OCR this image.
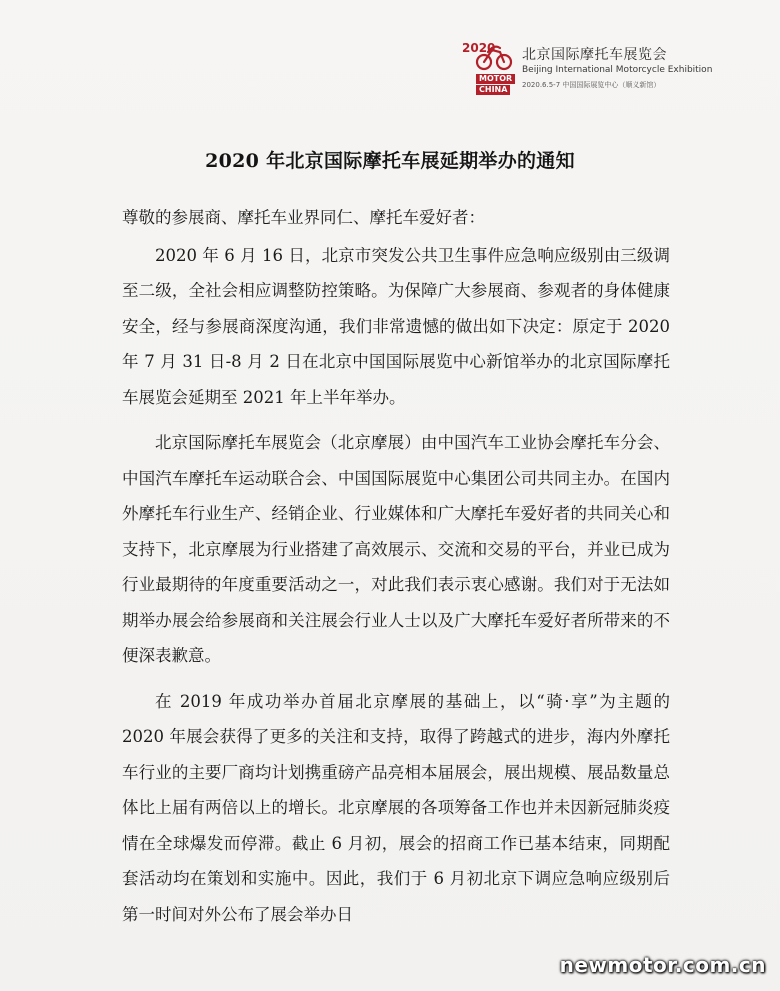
2020
MOTOR
CHINA
北京国际摩托车展览会
Beijing International Motorcycle Exhibition
2020.6.5-7 中国国际展览中心（顺义新馆）
2020 年北京国际摩托车展延期举办的通知

尊敬的参展商、摩托车业界同仁、摩托车爱好者：

2020 年 6 月 16 日，北京市突发公共卫生事件应急响应级别由三级调至二级，全社会相应调整防控策略。为保障广大参展商、参观者的身体健康安全，经与参展商深度沟通，我们非常遗憾的做出如下决定：原定于 2020 年 7 月 31 日-8 月 2 日在北京中国国际展览中心新馆举办的北京国际摩托车展览会延期至 2021 年上半年举办。

北京国际摩托车展览会（北京摩展）由中国汽车工业协会摩托车分会、中国汽车摩托车运动联合会、中国国际展览中心集团公司共同主办。在国内外摩托车行业生产、经销企业、行业媒体和广大摩托车爱好者的共同关心和支持下，北京摩展为行业搭建了高效展示、交流和交易的平台，并业已成为行业最期待的年度重要活动之一，对此我们表示衷心感谢。我们对于无法如期举办展会给参展商和关注展会行业人士以及广大摩托车爱好者所带来的不便深表歉意。

在 2019 年成功举办首届北京摩展的基础上，以“骑·享”为主题的 2020 年展会获得了更多的关注和支持，取得了跨越式的进步，海内外摩托车行业的主要厂商均计划携重磅产品亮相本届展会，展出规模、展品数量总体比上届有两倍以上的增长。北京摩展的各项筹备工作也并未因新冠肺炎疫情在全球爆发而停滞。截止 6 月初，展会的招商工作已基本结束，同期配套活动均在策划和实施中。因此，我们于 6 月初北京下调应急响应级别后第一时间对外公布了展会举办日

newmotor.com.cn
